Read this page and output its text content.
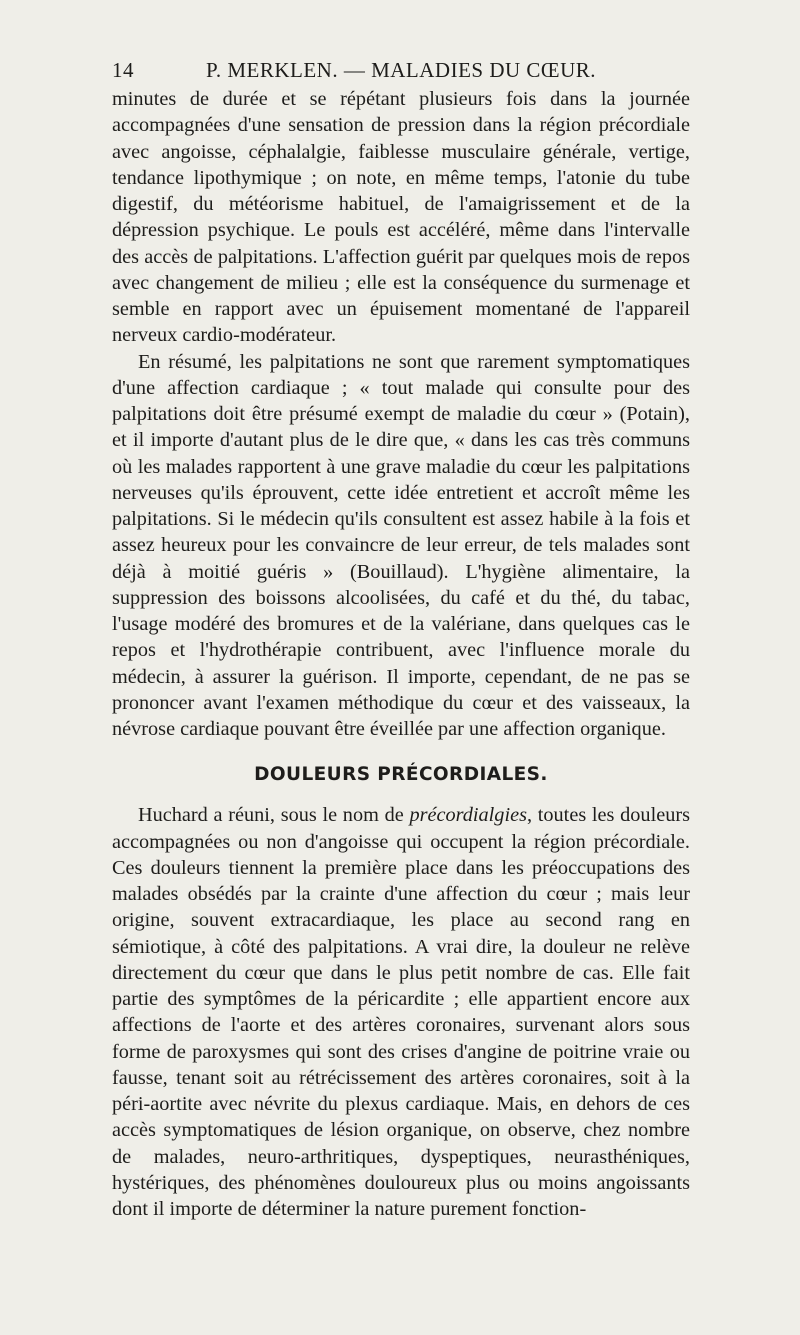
14	P. MERKLEN. — MALADIES DU CŒUR.

minutes de durée et se répétant plusieurs fois dans la journée accompagnées d'une sensation de pression dans la région précordiale avec angoisse, céphalalgie, faiblesse musculaire générale, vertige, tendance lipothymique ; on note, en même temps, l'atonie du tube digestif, du météorisme habituel, de l'amaigrissement et de la dépression psychique. Le pouls est accéléré, même dans l'intervalle des accès de palpitations. L'affection guérit par quelques mois de repos avec changement de milieu ; elle est la conséquence du surmenage et semble en rapport avec un épuisement momentané de l'appareil nerveux cardio-modérateur.

En résumé, les palpitations ne sont que rarement symptomatiques d'une affection cardiaque ; « tout malade qui consulte pour des palpitations doit être présumé exempt de maladie du cœur » (Potain), et il importe d'autant plus de le dire que, « dans les cas très communs où les malades rapportent à une grave maladie du cœur les palpitations nerveuses qu'ils éprouvent, cette idée entretient et accroît même les palpitations. Si le médecin qu'ils consultent est assez habile à la fois et assez heureux pour les convaincre de leur erreur, de tels malades sont déjà à moitié guéris » (Bouillaud). L'hygiène alimentaire, la suppression des boissons alcoolisées, du café et du thé, du tabac, l'usage modéré des bromures et de la valériane, dans quelques cas le repos et l'hydrothérapie contribuent, avec l'influence morale du médecin, à assurer la guérison. Il importe, cependant, de ne pas se prononcer avant l'examen méthodique du cœur et des vaisseaux, la névrose cardiaque pouvant être éveillée par une affection organique.

DOULEURS PRÉCORDIALES.

Huchard a réuni, sous le nom de précordialgies, toutes les douleurs accompagnées ou non d'angoisse qui occupent la région précordiale. Ces douleurs tiennent la première place dans les préoccupations des malades obsédés par la crainte d'une affection du cœur ; mais leur origine, souvent extracardiaque, les place au second rang en sémiotique, à côté des palpitations. A vrai dire, la douleur ne relève directement du cœur que dans le plus petit nombre de cas. Elle fait partie des symptômes de la péricardite ; elle appartient encore aux affections de l'aorte et des artères coronaires, survenant alors sous forme de paroxysmes qui sont des crises d'angine de poitrine vraie ou fausse, tenant soit au rétrécissement des artères coronaires, soit à la péri-aortite avec névrite du plexus cardiaque. Mais, en dehors de ces accès symptomatiques de lésion organique, on observe, chez nombre de malades, neuro-arthritiques, dyspeptiques, neurasthéniques, hystériques, des phénomènes douloureux plus ou moins angoissants dont il importe de déterminer la nature purement fonction-
